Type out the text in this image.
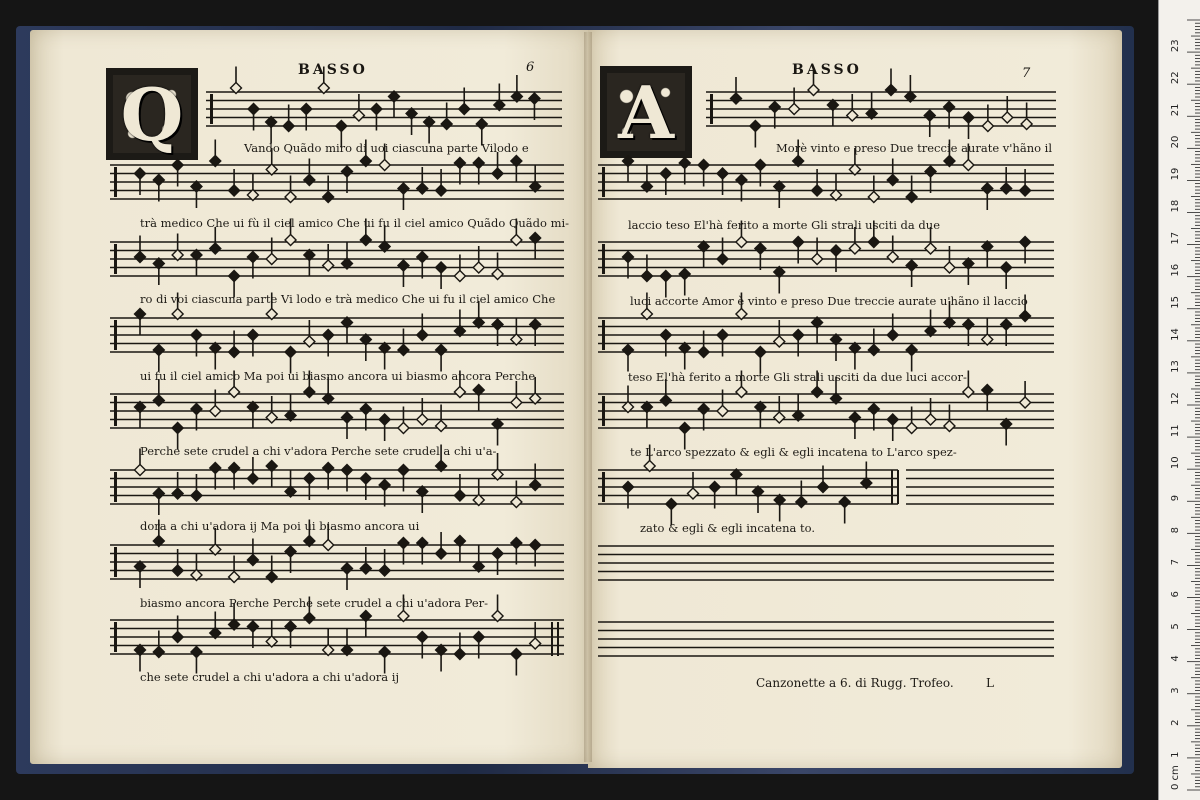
BASSO	6	BASSO	7
Q	A
Vando Quãdo miro di uoi ciascuna parte Vilodo e
trà medico Che ui fù il ciel amico Che ui fu il ciel amico Quãdo Quãdo mi-
ro di voi ciascuna parte Vi lodo e trà medico Che ui fu il ciel amico Che
ui fu il ciel amico Ma poi ui biasmo ancora ui biasmo ancora Perche
Perche sete crudel a chi v'adora Perche sete crudel a chi u'a-
dora a chi u'adora ij Ma poi ui biasmo ancora ui
biasmo ancora Perche Perche sete crudel a chi u'adora Per-
che sete crudel a chi u'adora a chi u'adora ij
Morè vinto e preso Due treccie aurate v'hãno il
laccio teso El'hà ferito a morte Gli strali usciti da due
luci accorte Amor è vinto e preso Due treccie aurate u'hãno il laccio
teso El'hà ferito a morte Gli strali usciti da due luci accor-
te L'arco spezzato & egli & egli incatena to L'arco spez-
zato & egli & egli incatena to.
Canzonette a 6. di Rugg. Trofeo.	L
0 cm
1
2
3
4
5
6
7
8
9
10
11
12
13
14
15
16
17
18
19
20
21
22
23
